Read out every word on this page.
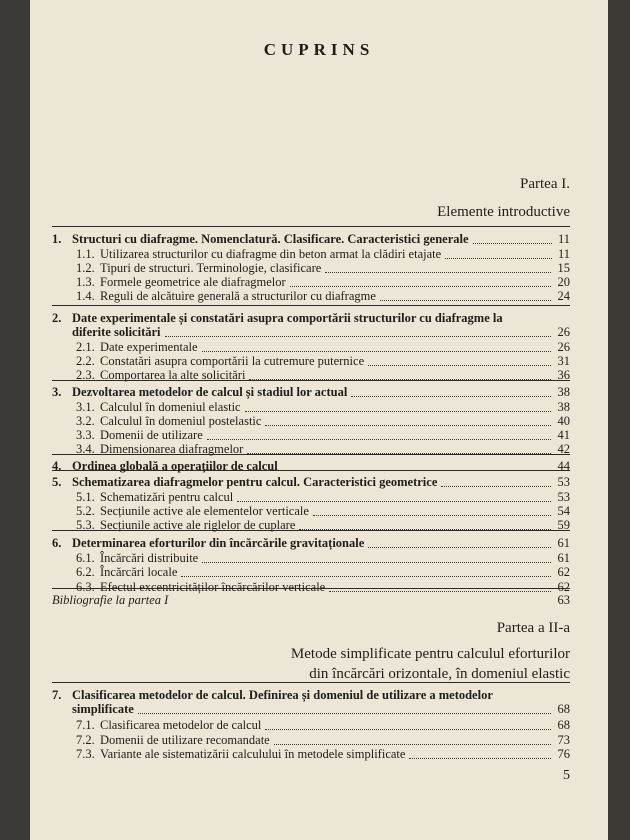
CUPRINS
Partea I.
Elemente introductive
1. Structuri cu diafragme. Nomenclatură. Clasificare. Caracteristici generale	11
1.1. Utilizarea structurilor cu diafragme din beton armat la clădiri etajate	11
1.2. Tipuri de structuri. Terminologie, clasificare	15
1.3. Formele geometrice ale diafragmelor	20
1.4. Reguli de alcătuire generală a structurilor cu diafragme	24
2. Date experimentale și constatări asupra comportării structurilor cu diafragme la
diferite solicitări	26
2.1. Date experimentale	26
2.2. Constatări asupra comportării la cutremure puternice	31
2.3. Comportarea la alte solicitări	36
3. Dezvoltarea metodelor de calcul și stadiul lor actual	38
3.1. Calculul în domeniul elastic	38
3.2. Calculul în domeniul postelastic	40
3.3. Domenii de utilizare	41
3.4. Dimensionarea diafragmelor	42
4. Ordinea globală a operațiilor de calcul	44
5. Schematizarea diafragmelor pentru calcul. Caracteristici geometrice	53
5.1. Schematizări pentru calcul	53
5.2. Secțiunile active ale elementelor verticale	54
5.3. Secțiunile active ale riglelor de cuplare	59
6. Determinarea eforturilor din încărcările gravitaționale	61
6.1. Încărcări distribuite	61
6.2. Încărcări locale	62
6.3. Efectul excentricităților încărcărilor verticale	62
Bibliografie la partea I	63
Partea a II-a
Metode simplificate pentru calculul eforturilor
din încărcări orizontale, în domeniul elastic
7. Clasificarea metodelor de calcul. Definirea și domeniul de utilizare a metodelor
simplificate	68
7.1. Clasificarea metodelor de calcul	68
7.2. Domenii de utilizare recomandate	73
7.3. Variante ale sistematizării calculului în metodele simplificate	76
5
